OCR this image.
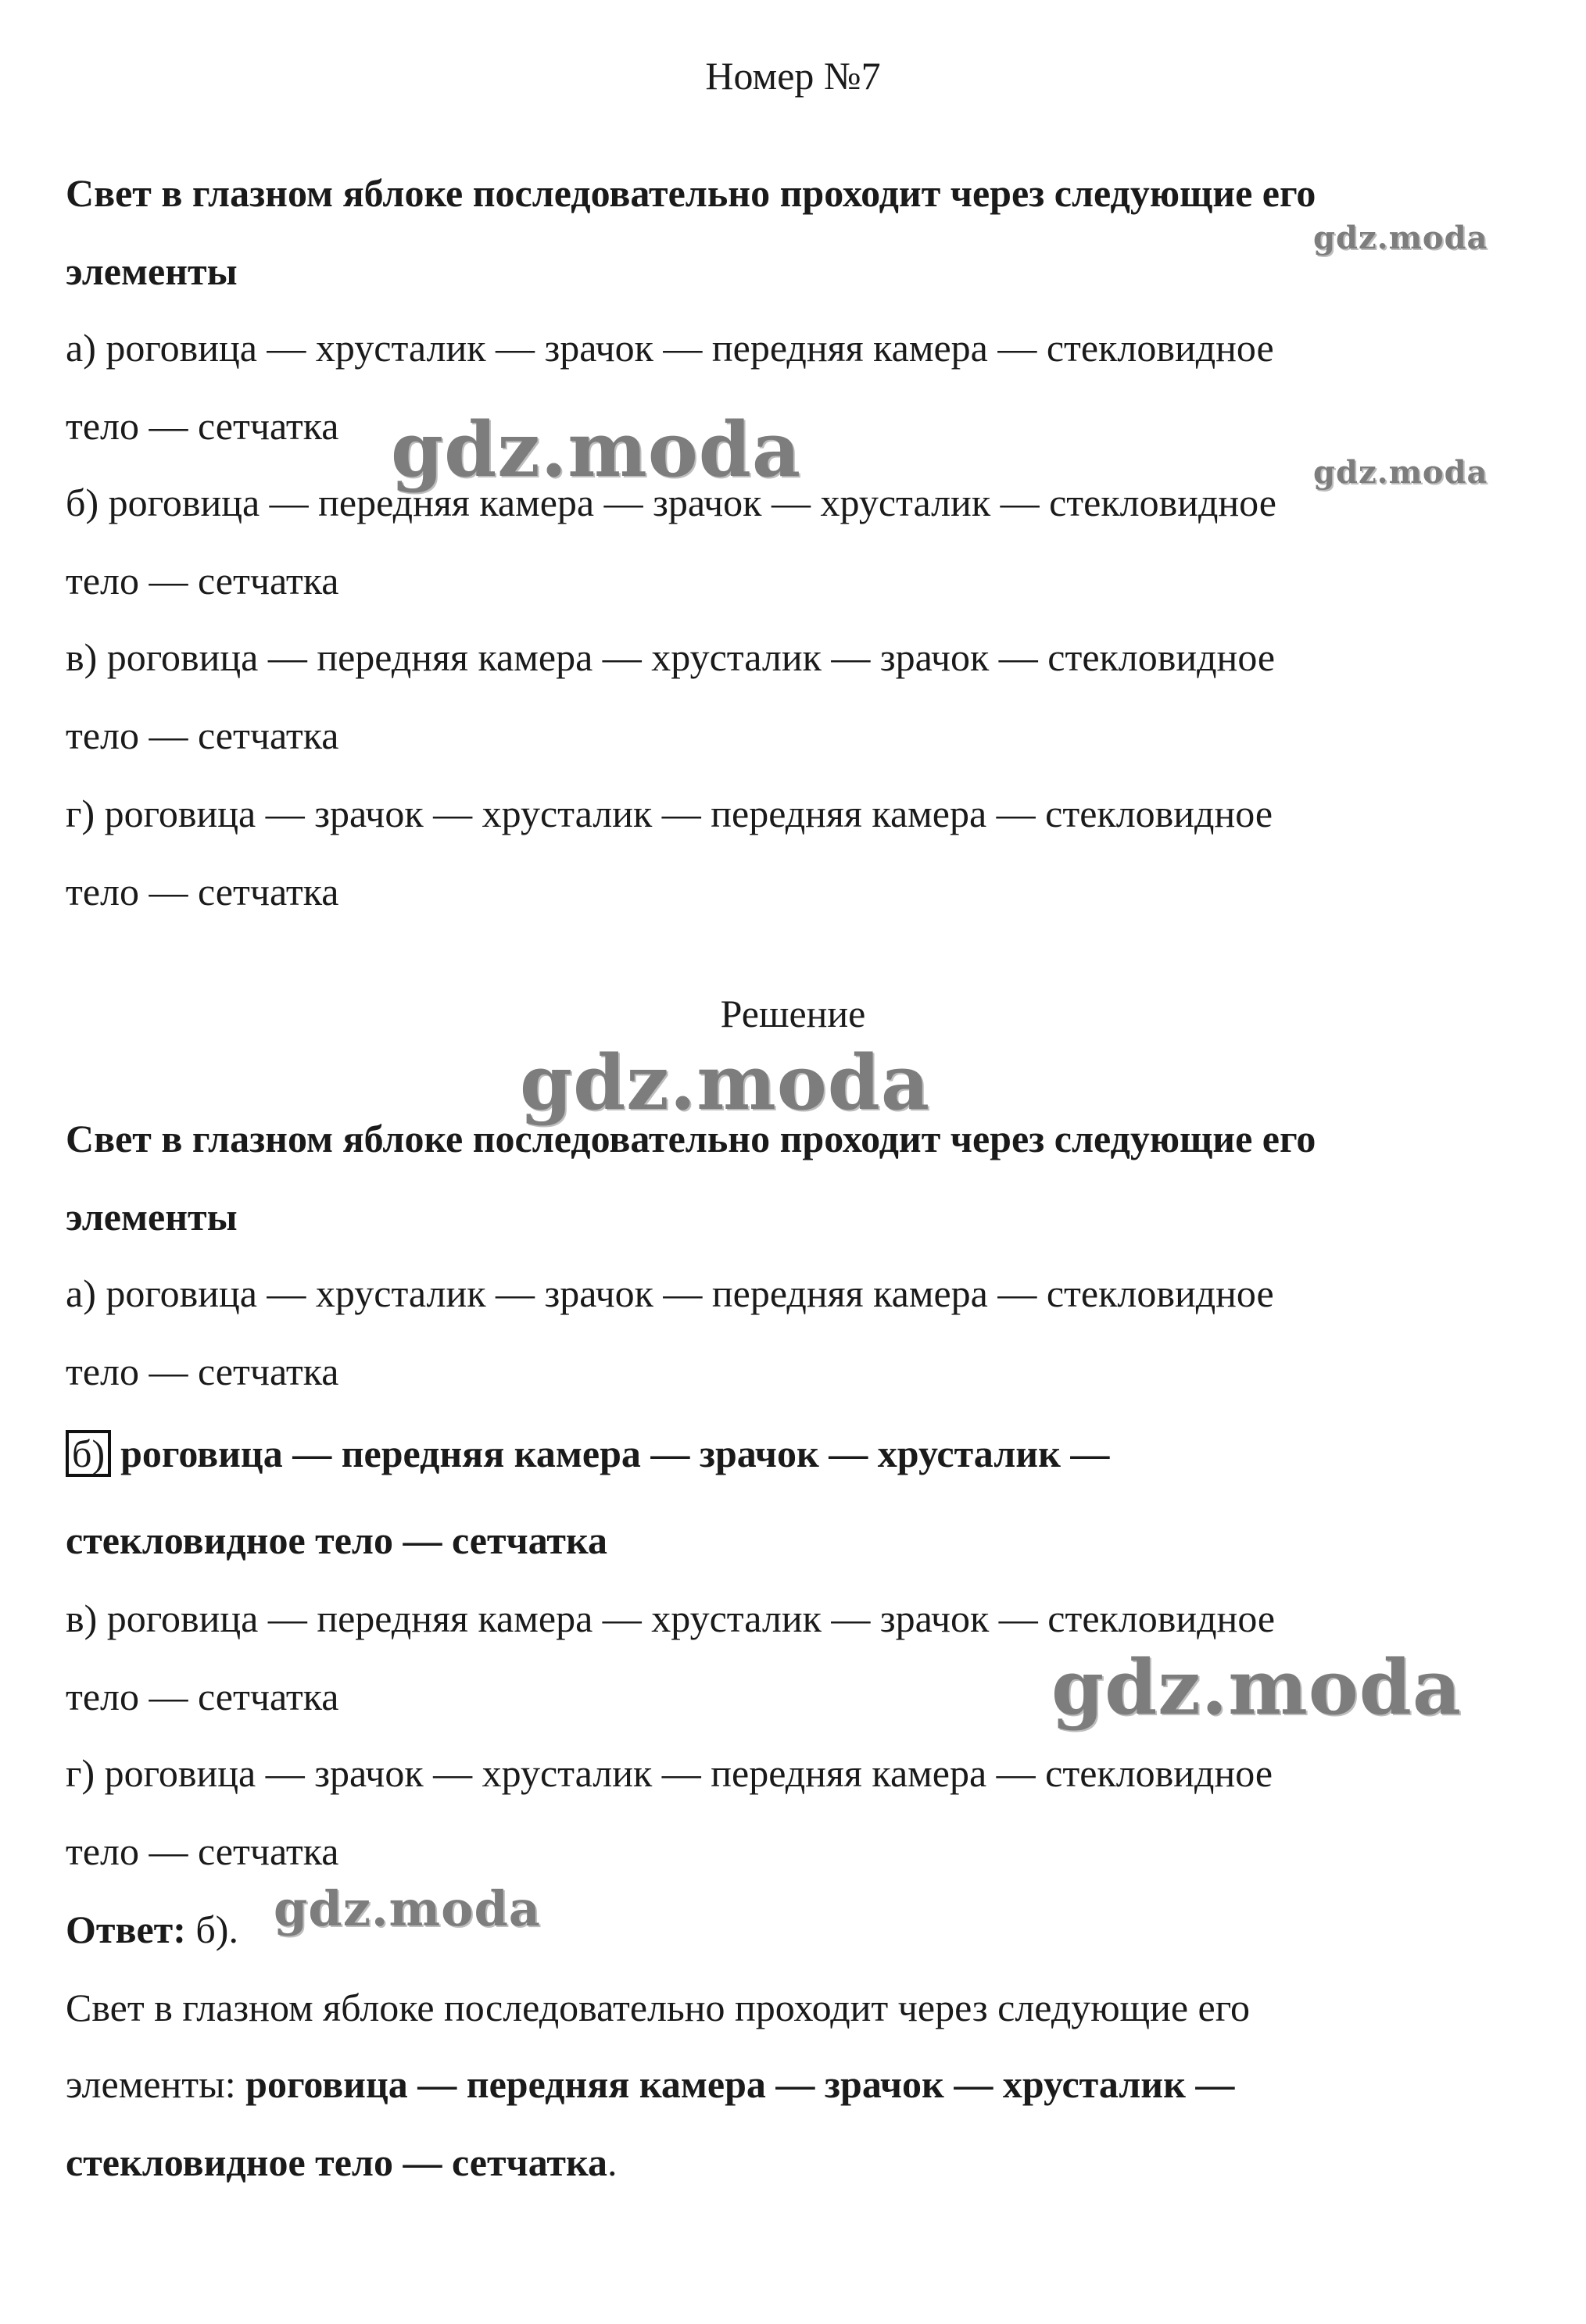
Номер №7
Свет в глазном яблоке последовательно проходит через следующие его
элементы
а) роговица — хрусталик — зрачок — передняя камера — стекловидное
тело — сетчатка
б) роговица — передняя камера — зрачок — хрусталик — стекловидное
тело — сетчатка
в) роговица — передняя камера — хрусталик — зрачок — стекловидное
тело — сетчатка
г) роговица — зрачок — хрусталик — передняя камера — стекловидное
тело — сетчатка
Решение
Свет в глазном яблоке последовательно проходит через следующие его
элементы
а) роговица — хрусталик — зрачок — передняя камера — стекловидное
тело — сетчатка
б) роговица — передняя камера — зрачок — хрусталик —
стекловидное тело — сетчатка
в) роговица — передняя камера — хрусталик — зрачок — стекловидное
тело — сетчатка
г) роговица — зрачок — хрусталик — передняя камера — стекловидное
тело — сетчатка
Ответ: б).
Свет в глазном яблоке последовательно проходит через следующие его
элементы: роговица — передняя камера — зрачок — хрусталик —
стекловидное тело — сетчатка.
gdz.moda
gdz.moda	gdz.moda
gdz.moda
gdz.moda
gdz.moda
